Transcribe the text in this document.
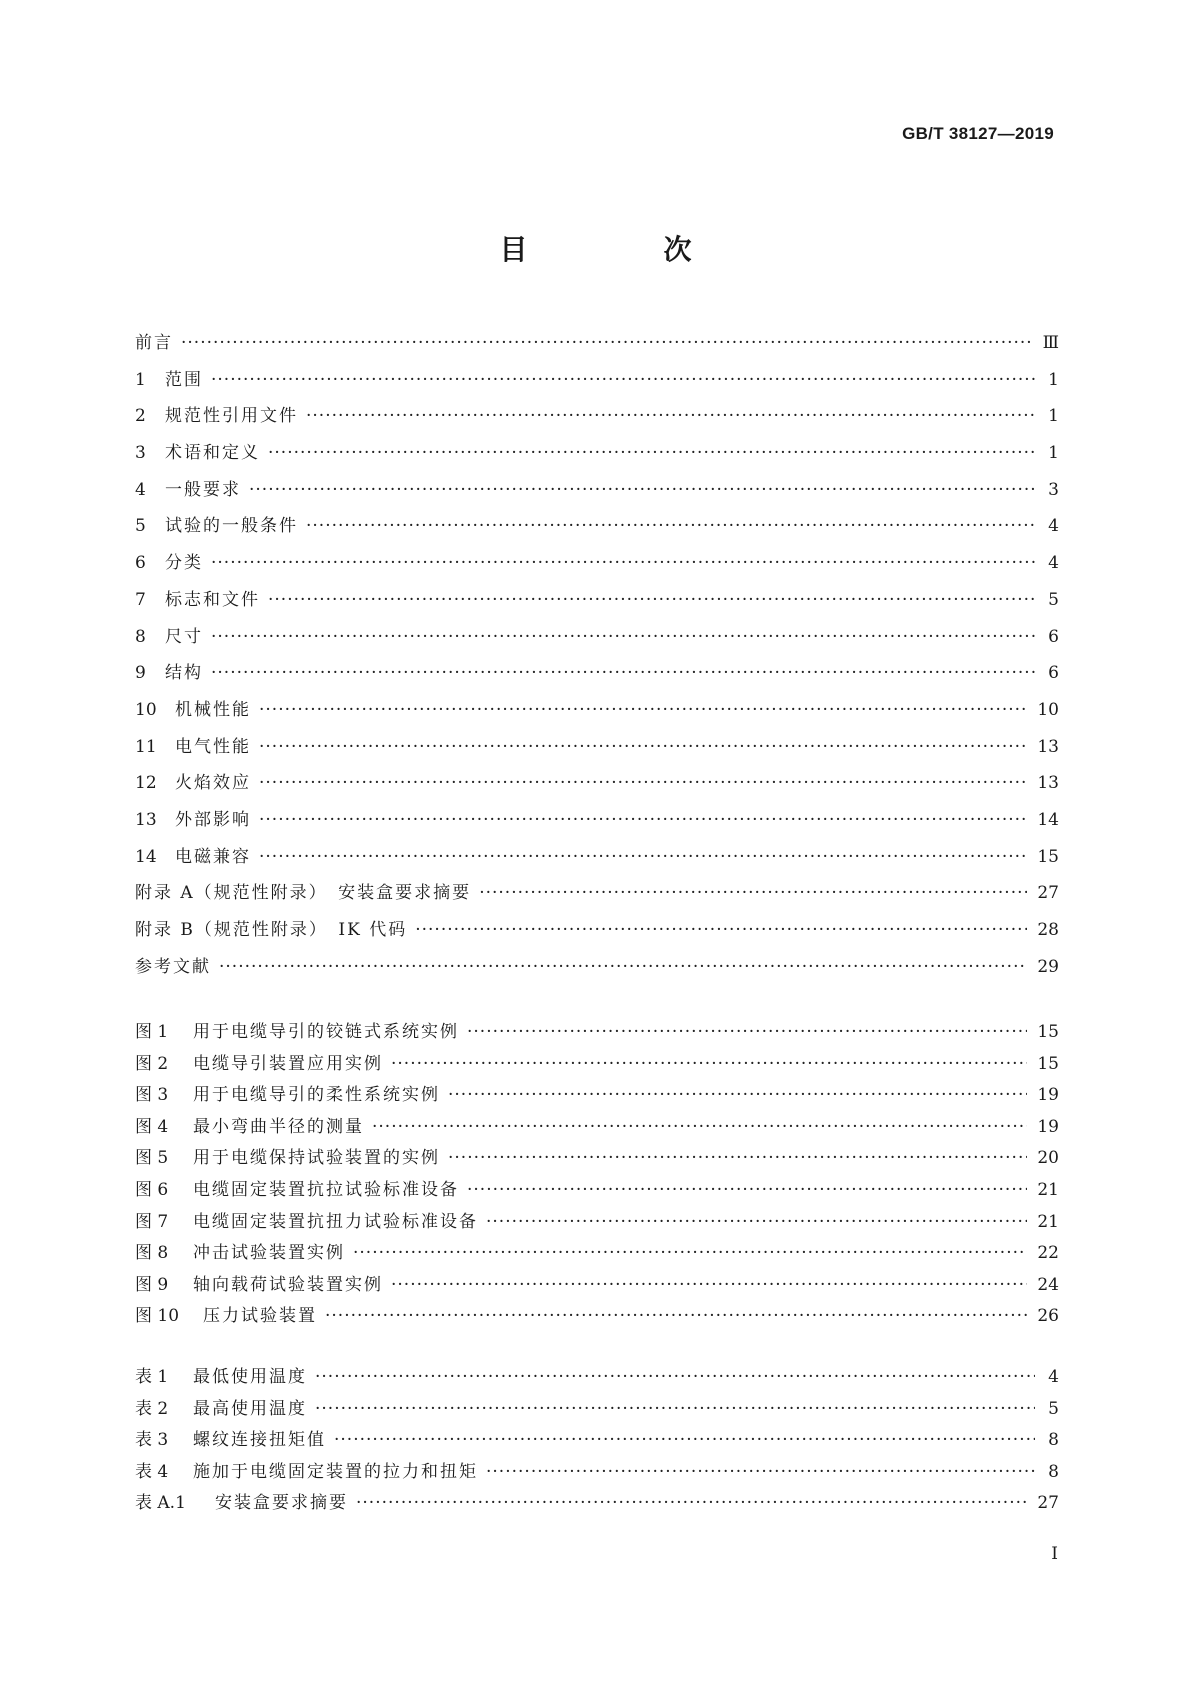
GB/T 38127—2019
目　次
前言 ·····	Ⅲ
1	范围 ·····	1
2	规范性引用文件 ·····	1
3	术语和定义 ·····	1
4	一般要求 ·····	3
5	试验的一般条件 ·····	4
6	分类 ·····	4
7	标志和文件 ·····	5
8	尺寸 ·····	6
9	结构 ·····	6
10	机械性能 ·····	10
11	电气性能 ·····	13
12	火焰效应 ·····	13
13	外部影响 ·····	14
14	电磁兼容 ·····	15
附录 A（规范性附录）　安装盒要求摘要 ·····	27
附录 B（规范性附录）　IK 代码 ·····	28
参考文献 ·····	29
图 1	用于电缆导引的铰链式系统实例 ·····	15
图 2	电缆导引装置应用实例 ·····	15
图 3	用于电缆导引的柔性系统实例 ·····	19
图 4	最小弯曲半径的测量 ·····	19
图 5	用于电缆保持试验装置的实例 ·····	20
图 6	电缆固定装置抗拉试验标准设备 ·····	21
图 7	电缆固定装置抗扭力试验标准设备 ·····	21
图 8	冲击试验装置实例 ·····	22
图 9	轴向载荷试验装置实例 ·····	24
图 10	压力试验装置 ·····	26
表 1	最低使用温度 ·····	4
表 2	最高使用温度 ·····	5
表 3	螺纹连接扭矩值 ·····	8
表 4	施加于电缆固定装置的拉力和扭矩 ·····	8
表 A.1	安装盒要求摘要 ·····	27
I
